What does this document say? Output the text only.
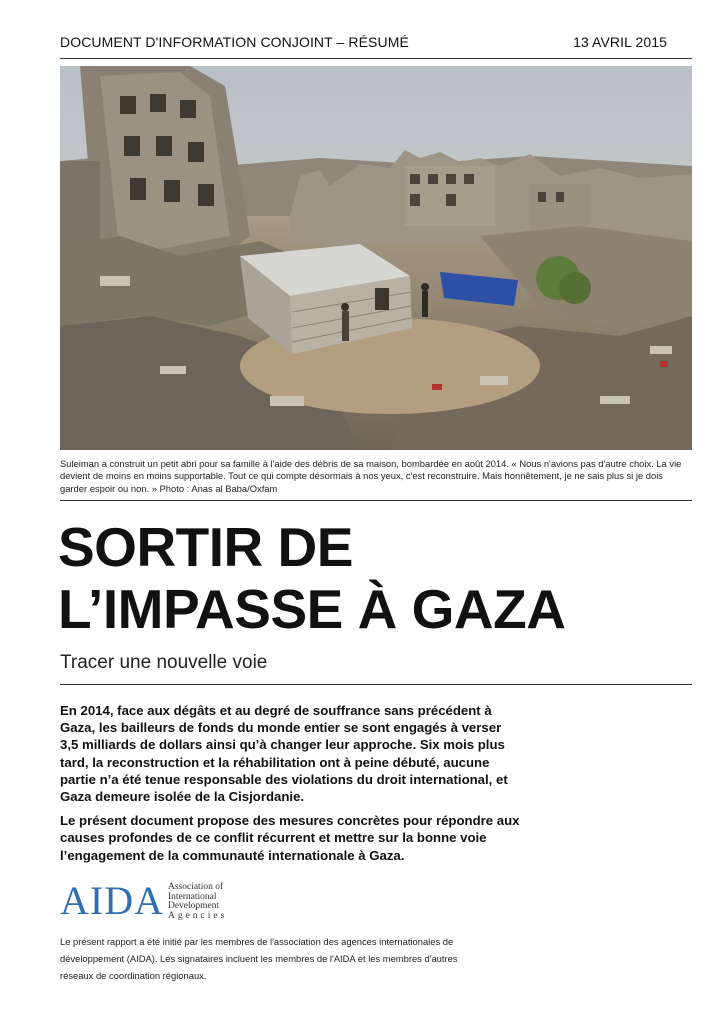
DOCUMENT D'INFORMATION CONJOINT – RÉSUMÉ	13 AVRIL 2015
Suleiman a construit un petit abri pour sa famille à l'aide des débris de sa maison, bombardée en août 2014. « Nous n'avions pas d'autre choix. La vie devient de moins en moins supportable. Tout ce qui compte désormais à nos yeux, c'est reconstruire. Mais honnêtement, je ne sais plus si je dois garder espoir ou non. » Photo : Anas al Baba/Oxfam
SORTIR DE
L’IMPASSE À GAZA
Tracer une nouvelle voie

En 2014, face aux dégâts et au degré de souffrance sans précédent à Gaza, les bailleurs de fonds du monde entier se sont engagés à verser 3,5 milliards de dollars ainsi qu’à changer leur approche. Six mois plus tard, la reconstruction et la réhabilitation ont à peine débuté, aucune partie n’a été tenue responsable des violations du droit international, et Gaza demeure isolée de la Cisjordanie.

Le présent document propose des mesures concrètes pour répondre aux causes profondes de ce conflit récurrent et mettre sur la bonne voie l’engagement de la communauté internationale à Gaza.

AIDA Association of
International
Development
Agencies
Le présent rapport a été initié par les membres de l'association des agences internationales de développement (AIDA). Les signataires incluent les membres de l'AIDA et les membres d'autres réseaux de coordination régionaux.
